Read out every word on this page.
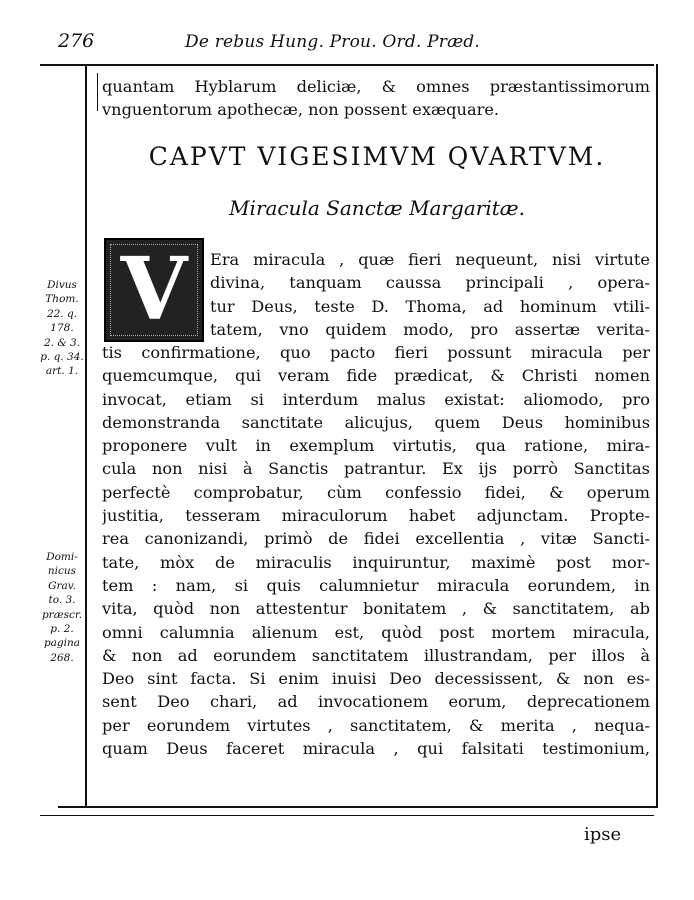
276	De rebus Hung. Prou. Ord. Præd.
quantam Hyblarum deliciæ, & omnes præstantissimorum
vnguentorum apothecæ, non possent exæquare.
CAPVT VIGESIMVM QVARTVM.
Miracula Sanctæ Margaritæ.
V Era miracula , quæ fieri nequeunt, nisi virtute
divina, tanquam caussa principali , opera-
tur Deus, teste D. Thoma, ad hominum vtili-
tatem, vno quidem modo, pro assertæ verita-
tis confirmatione, quo pacto fieri possunt miracula per
quemcumque, qui veram fide prædicat, & Christi nomen
invocat, etiam si interdum malus existat: aliomodo, pro
demonstranda sanctitate alicujus, quem Deus hominibus
proponere vult in exemplum virtutis, qua ratione, mira-
cula non nisi à Sanctis patrantur. Ex ijs porrò Sanctitas
perfectè comprobatur, cùm confessio fidei, & operum
justitia, tesseram miraculorum habet adjunctam. Propte-
rea canonizandi, primò de fidei excellentia , vitæ Sancti-
tate, mòx de miraculis inquiruntur, maximè post mor-
tem : nam, si quis calumnietur miracula eorundem, in
vita, quòd non attestentur bonitatem , & sanctitatem, ab
omni calumnia alienum est, quòd post mortem miracula,
& non ad eorundem sanctitatem illustrandam, per illos à
Deo sint facta. Si enim inuisi Deo decessissent, & non es-
sent Deo chari, ad invocationem eorum, deprecationem
per eorundem virtutes , sanctitatem, & merita , nequa-
quam Deus faceret miracula , qui falsitati testimonium,
Divus
Thom.
22. q.
178.
2. & 3.
p. q. 34.
art. 1.
Domi-
nicus
Grav.
to. 3.
præscr.
p. 2.
pagina
268.
ipse
